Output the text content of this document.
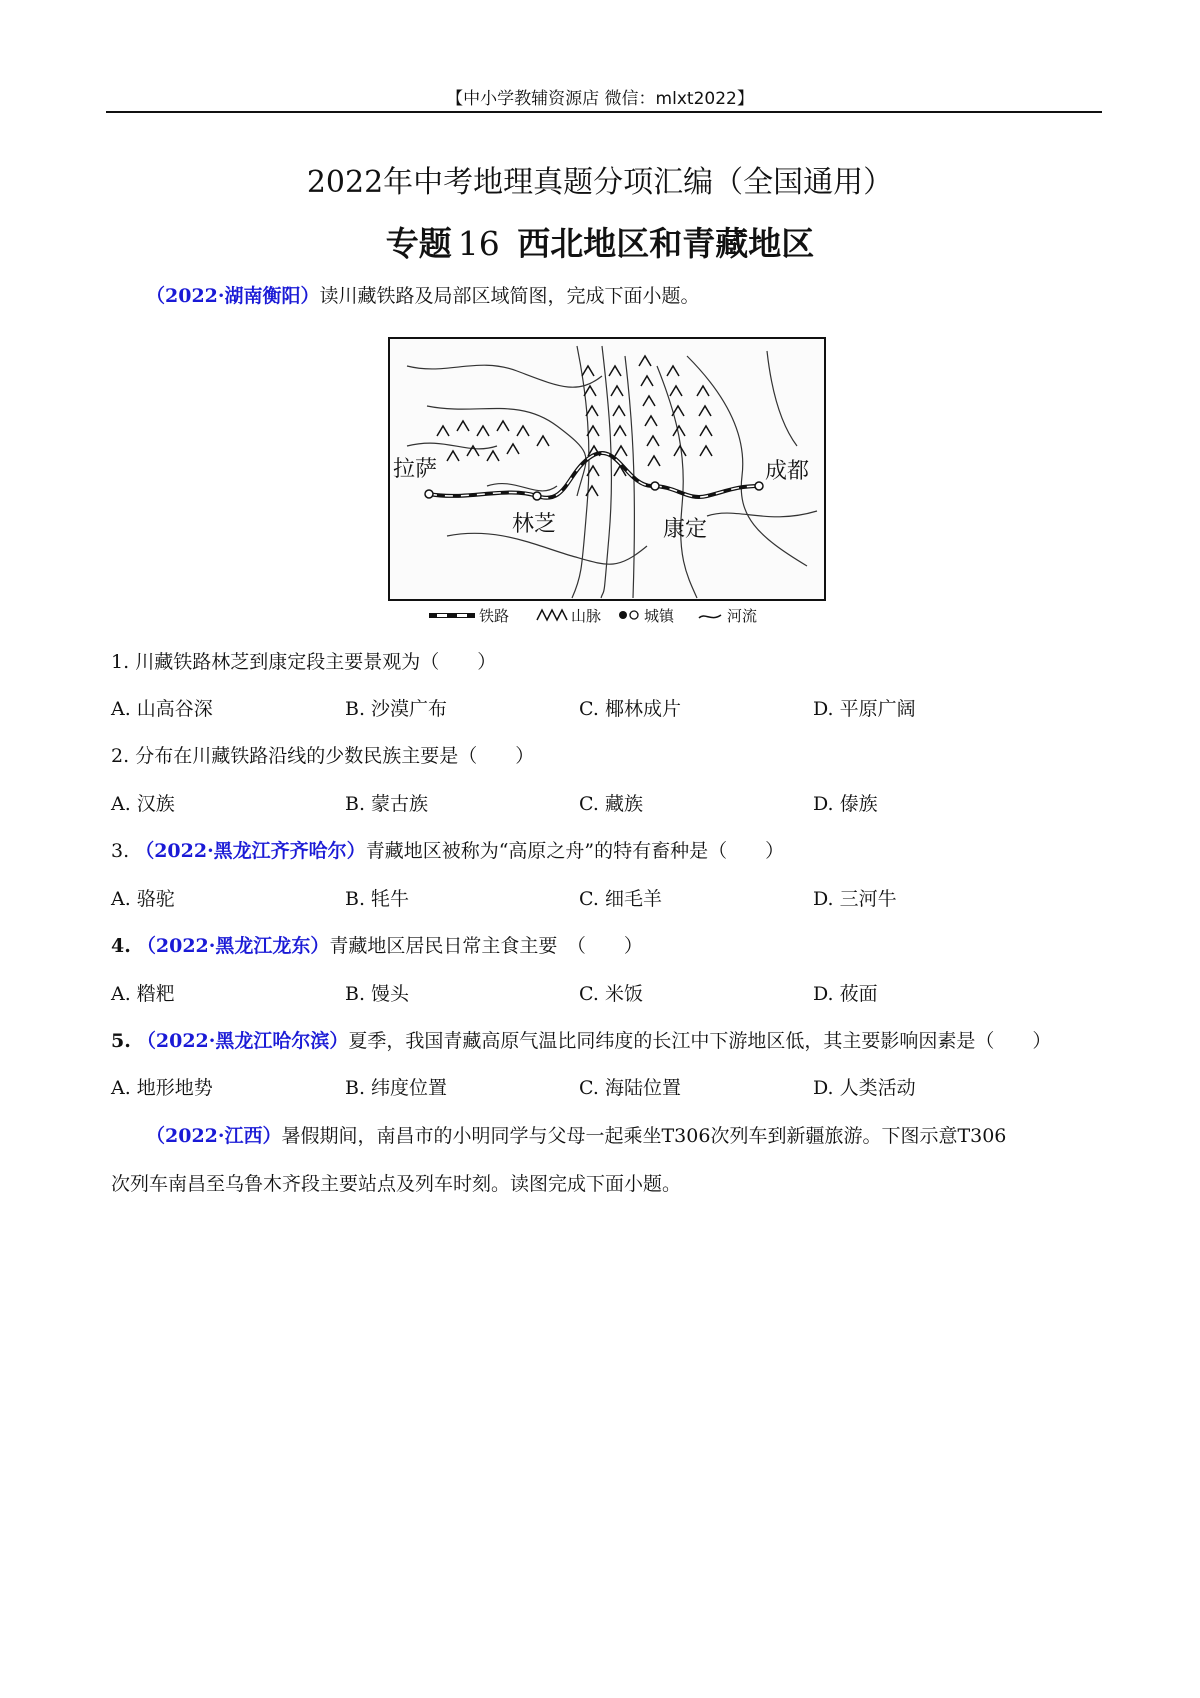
【中小学教辅资源店 微信：mlxt2022】
2022年中考地理真题分项汇编（全国通用）
专题 16 西北地区和青藏地区
（2022·湖南衡阳）读川藏铁路及局部区域简图，完成下面小题。
拉萨
林芝	康定
成都
铁路	山脉	城镇	河流
1. 川藏铁路林芝到康定段主要景观为（　　）
A. 山高谷深	B. 沙漠广布	C. 椰林成片	D. 平原广阔
2. 分布在川藏铁路沿线的少数民族主要是（　　）
A. 汉族	B. 蒙古族	C. 藏族	D. 傣族
3. （2022·黑龙江齐齐哈尔）青藏地区被称为“高原之舟”的特有畜种是（　　）
A. 骆驼	B. 牦牛	C. 细毛羊	D. 三河牛
4. （2022·黑龙江龙东）青藏地区居民日常主食主要　（　　）
A. 糌粑	B. 馒头	C. 米饭	D. 莜面
5. （2022·黑龙江哈尔滨）夏季，我国青藏高原气温比同纬度的长江中下游地区低，其主要影响因素是（　　）
A. 地形地势	B. 纬度位置	C. 海陆位置	D. 人类活动
（2022·江西）暑假期间，南昌市的小明同学与父母一起乘坐T306次列车到新疆旅游。下图示意T306
次列车南昌至乌鲁木齐段主要站点及列车时刻。读图完成下面小题。
